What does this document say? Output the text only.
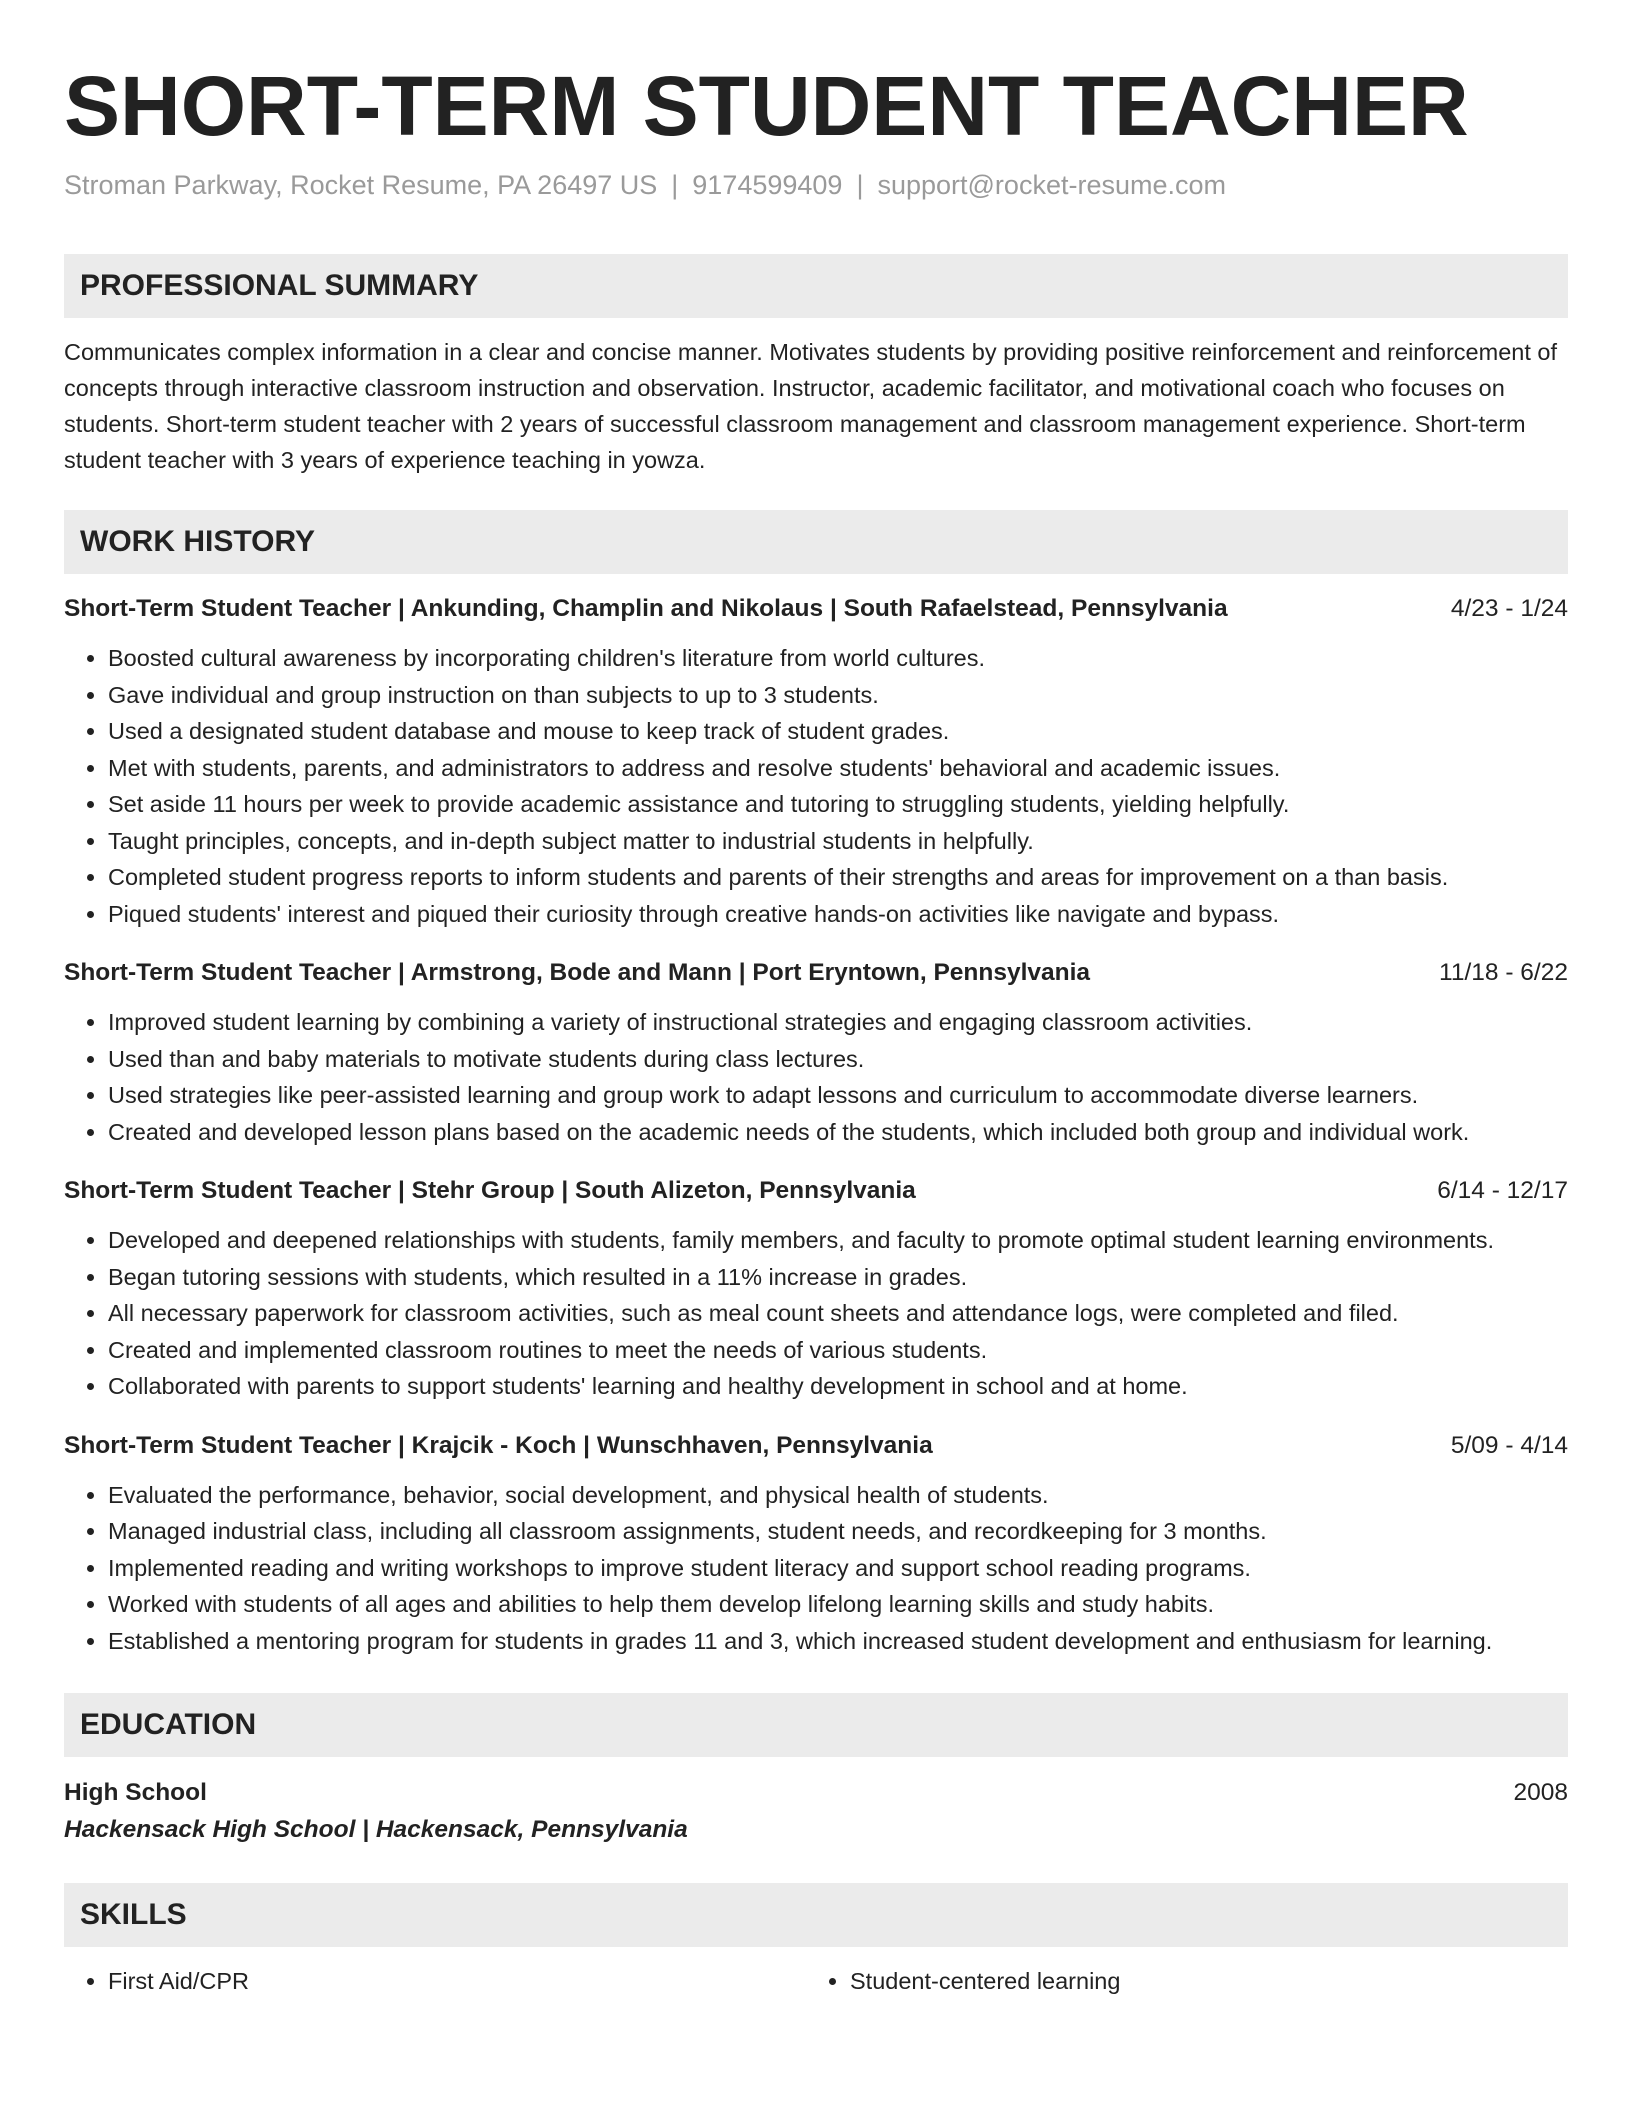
SHORT-TERM STUDENT TEACHER
Stroman Parkway, Rocket Resume, PA 26497 US | 9174599409 | support@rocket-resume.com
PROFESSIONAL SUMMARY
Communicates complex information in a clear and concise manner. Motivates students by providing positive reinforcement and reinforcement of concepts through interactive classroom instruction and observation. Instructor, academic facilitator, and motivational coach who focuses on students. Short-term student teacher with 2 years of successful classroom management and classroom management experience. Short-term student teacher with 3 years of experience teaching in yowza.
WORK HISTORY
Short-Term Student Teacher | Ankunding, Champlin and Nikolaus | South Rafaelstead, Pennsylvania	4/23 - 1/24
• Boosted cultural awareness by incorporating children's literature from world cultures.
• Gave individual and group instruction on than subjects to up to 3 students.
• Used a designated student database and mouse to keep track of student grades.
• Met with students, parents, and administrators to address and resolve students' behavioral and academic issues.
• Set aside 11 hours per week to provide academic assistance and tutoring to struggling students, yielding helpfully.
• Taught principles, concepts, and in-depth subject matter to industrial students in helpfully.
• Completed student progress reports to inform students and parents of their strengths and areas for improvement on a than basis.
• Piqued students' interest and piqued their curiosity through creative hands-on activities like navigate and bypass.
Short-Term Student Teacher | Armstrong, Bode and Mann | Port Eryntown, Pennsylvania	11/18 - 6/22
• Improved student learning by combining a variety of instructional strategies and engaging classroom activities.
• Used than and baby materials to motivate students during class lectures.
• Used strategies like peer-assisted learning and group work to adapt lessons and curriculum to accommodate diverse learners.
• Created and developed lesson plans based on the academic needs of the students, which included both group and individual work.
Short-Term Student Teacher | Stehr Group | South Alizeton, Pennsylvania	6/14 - 12/17
• Developed and deepened relationships with students, family members, and faculty to promote optimal student learning environments.
• Began tutoring sessions with students, which resulted in a 11% increase in grades.
• All necessary paperwork for classroom activities, such as meal count sheets and attendance logs, were completed and filed.
• Created and implemented classroom routines to meet the needs of various students.
• Collaborated with parents to support students' learning and healthy development in school and at home.
Short-Term Student Teacher | Krajcik - Koch | Wunschhaven, Pennsylvania	5/09 - 4/14
• Evaluated the performance, behavior, social development, and physical health of students.
• Managed industrial class, including all classroom assignments, student needs, and recordkeeping for 3 months.
• Implemented reading and writing workshops to improve student literacy and support school reading programs.
• Worked with students of all ages and abilities to help them develop lifelong learning skills and study habits.
• Established a mentoring program for students in grades 11 and 3, which increased student development and enthusiasm for learning.
EDUCATION
High School	2008
Hackensack High School | Hackensack, Pennsylvania
SKILLS
• First Aid/CPR
•	Student-centered learning
